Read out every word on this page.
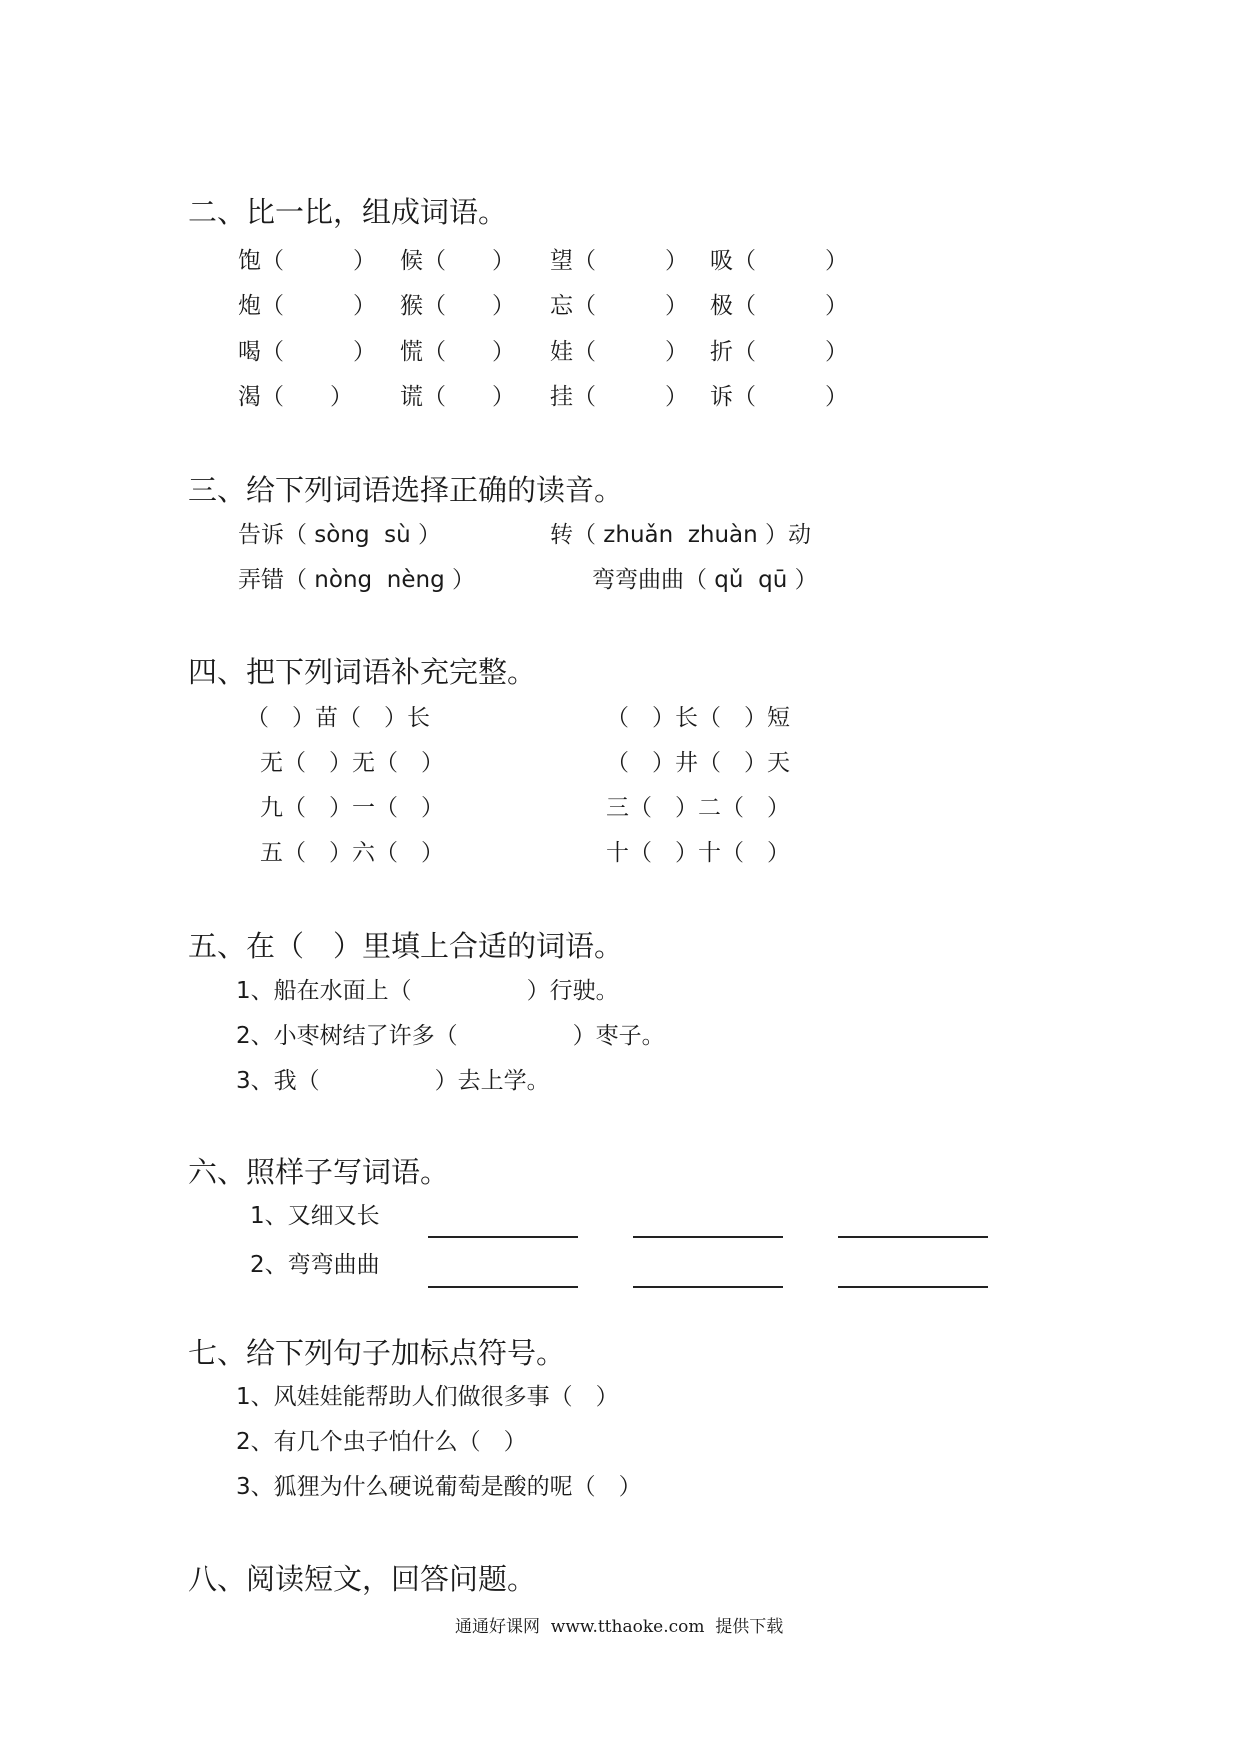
二、比一比，组成词语。
饱（　　　） 候（　　） 望（　　　） 吸（　　　）
炮（　　　） 猴（　　） 忘（　　　） 极（　　　）
喝（　　　） 慌（　　） 娃（　　　） 折（　　　）
渴（　　） 谎（　　） 挂（　　　） 诉（　　　）
三、给下列词语选择正确的读音。
告诉（ sòng  sù ）	转（ zhuǎn  zhuàn ）动
弄错（ nòng  nèng ）	弯弯曲曲（ qǔ  qū ）
四、把下列词语补充完整。
（　）苗（　）长
无（　）无（　）
九（　）一（　）
五（　）六（　）
（　）长（　）短
（　）井（　）天
三（　）二（　）
十（　）十（　）
五、在（　）里填上合适的词语。
1、船在水面上（　　　　　）行驶。
2、小枣树结了许多（　　　　　）枣子。
3、我（　　　　　）去上学。
六、照样子写词语。
1、又细又长
2、弯弯曲曲
七、给下列句子加标点符号。
1、风娃娃能帮助人们做很多事（　）
2、有几个虫子怕什么（　）
3、狐狸为什么硬说葡萄是酸的呢（　）
八、阅读短文，回答问题。
通通好课网  www.tthaoke.com  提供下载
